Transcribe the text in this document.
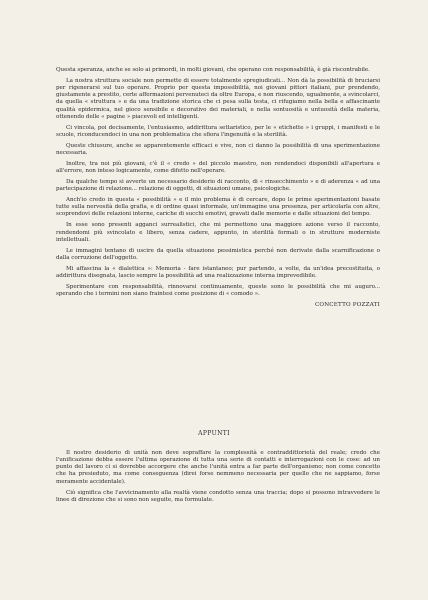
Questa speranza, anche se solo ai primordi, in molti giovani, che operano con responsabilità, è già riscontrabile.

La nostra struttura sociale non permette di essere totalmente spregiudicati... Non dà la possibilità di bruciarsi per rigenerarsi sul tuo operare. Proprio per questa impossibilità, noi giovani pittori italiani, pur prendendo, giustamente a prestito, certe affermazioni pervenuteci da oltre Europa, e non riuscendo, ugualmente, a svincolarci, da quella « struttura » e da una tradizione storica che ci pesa sulla testa, ci rifugiamo nella bella e affascinante qualità epidermica, nel gioco sensibile e decorativo dei materiali, e nella sontuosità e untuosità della materia, ottenendo delle « pagine » piacevoli ed intelligenti.

Ci vincola, poi decisamente, l'entusiasmo, addirittura settaristico, per le « etichette » i gruppi, i manifesti e le scuole, riconducendoci in una non problematica che sfiora l'ingenuità e la sterilità.

Queste chiusure, anche se apparentemente efficaci e vive, non ci danno la possibilità di una sperimentazione necessaria.

Inoltre, tra noi più giovani, c'è il « credo » del piccolo maestro, non rendendoci disponibili all'apertura e all'errore, non inteso logicamente, come difetto nell'operare.

Da qualche tempo si avverte un necessario desiderio di racconto, di « rinsecchimento » e di aderenza « ad una partecipazione di relazione... relazione di oggetti, di situazioni umane, psicologiche.

Anch'io credo in questa « possibilità » e il mio problema è di cercare, dopo le prime sperimentazioni basate tutte sulla nervosità della grafia, e di ordine quasi informale, un'immagine una presenza, per articolarla con altre, scoprendovi delle relazioni interne, cariche di succhi emotivi, gravati dalle memorie e dalle situazioni del tempo.

In esse sono presenti agganci surrealistici, che mi permettono una maggiore azione verso il racconto, rendendomi più svincolato e libero, senza cadere, appunto, in sterilità formali o in strutture moderniste intellettuali.

Le immagini tentano di uscire da quella situazione pessimistica perché non derivate dalla scarnificazione o dalla corruzione dell'oggetto.

Mi affascina la « dialettica »: Memoria - fare istantaneo; pur partendo, a volte, da un'idea precostituita, o addirittura disegnata, lascio sempre la possibilità ad una realizzazione interna imprevedibile.

Sperimentare con responsabilità, rinnovarsi continuamente, queste sono le possibilità che mi auguro... sperando che i termini non siano fraintesi come posizione di « comodo ».

CONCETTO POZZATI
APPUNTI

Il nostro desiderio di unità non deve sopraffare la complessità e contraddittorietà del reale; credo che l'unificazione debba essere l'ultima operazione di tutta una serie di contatti e interrogazioni con le cose: ad un punto del lavoro ci si dovrebbe accorgere che anche l'unità entra a far parte dell'organismo; non come concetto che ha presieduto, ma come conseguenza (direi forse nemmeno necessaria per quello che ne sappiamo, forse meramente accidentale).

Ciò significa che l'avvicinamento alla realtà viene condotto senza una traccia; dopo si possono intravvedere le linee di direzione che si sono non seguite, ma formulate.
